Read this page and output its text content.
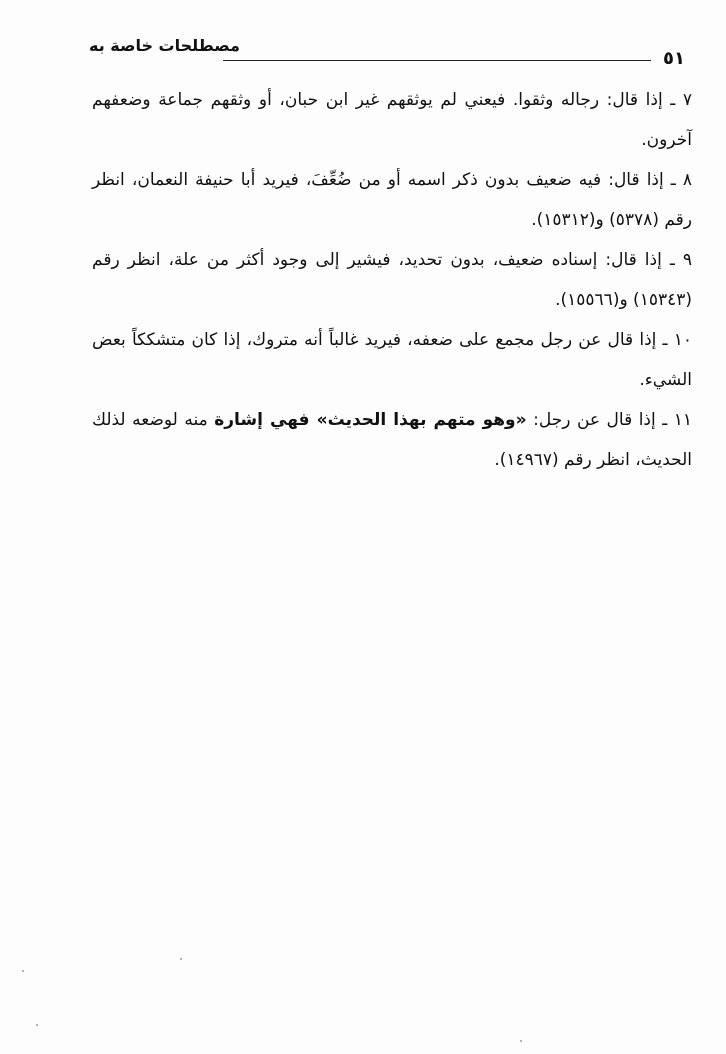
مصطلحات خاصة به
٥١

٧ ـ إذا قال: رجاله وثقوا. فيعني لم يوثقهم غير ابن حبان، أو وثقهم جماعة وضعفهم آخرون.

٨ ـ إذا قال: فيه ضعيف بدون ذكر اسمه أو من ضُعِّفَ، فيريد أبا حنيفة النعمان، انظر رقم (٥٣٧٨) و(١٥٣١٢).

٩ ـ إذا قال: إسناده ضعيف، بدون تحديد، فيشير إلى وجود أكثر من علة، انظر رقم (١٥٣٤٣) و(١٥٥٦٦).

١٠ ـ إذا قال عن رجل مجمع على ضعفه، فيريد غالباً أنه متروك، إذا كان متشككاً بعض الشيء.

١١ ـ إذا قال عن رجل: «وهو متهم بهذا الحديث» فهي إشارة منه لوضعه لذلك الحديث، انظر رقم (١٤٩٦٧).
